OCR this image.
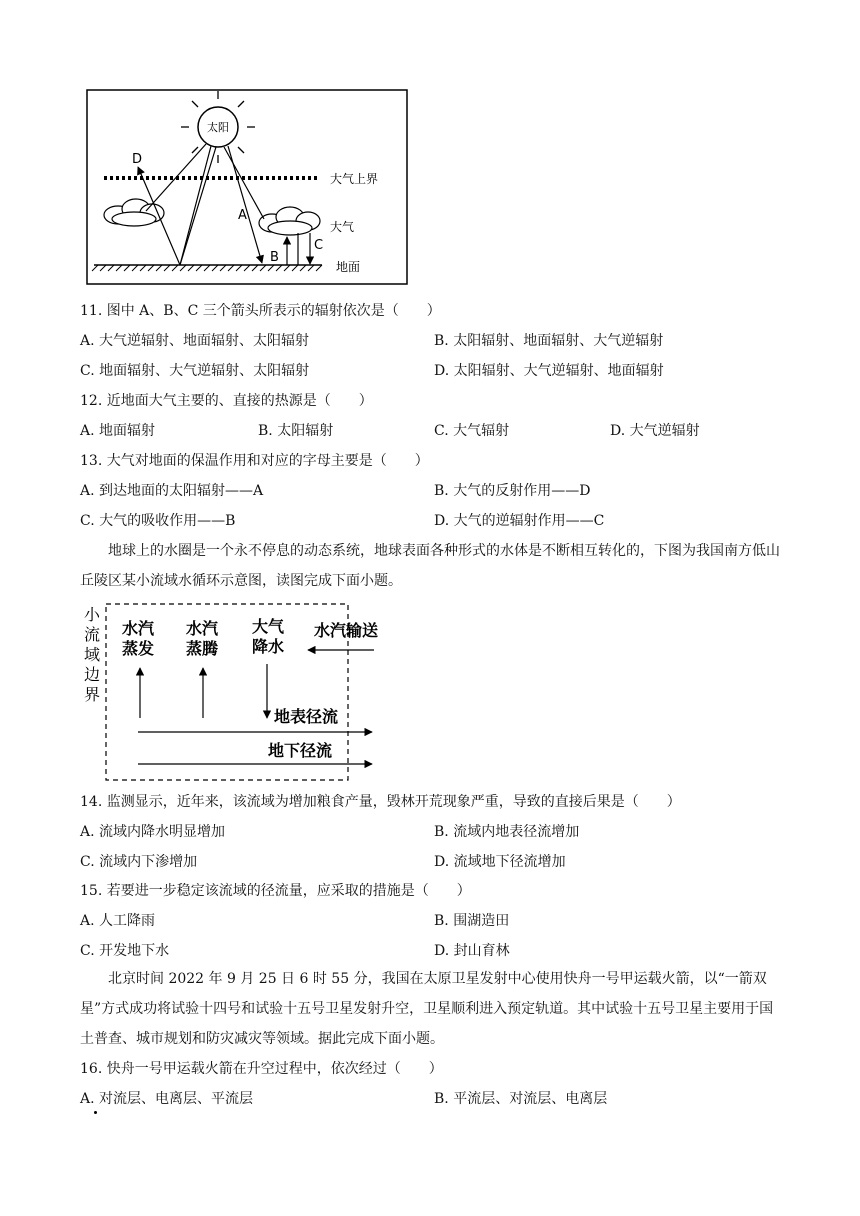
太阳
大气上界
D
A
B
C
大气
地面
11. 图中 A、B、C 三个箭头所表示的辐射依次是（　　）
A. 大气逆辐射、地面辐射、太阳辐射	B. 太阳辐射、地面辐射、大气逆辐射
C. 地面辐射、大气逆辐射、太阳辐射	D. 太阳辐射、大气逆辐射、地面辐射
12. 近地面大气主要的、直接的热源是（　　）
A. 地面辐射	B. 太阳辐射	C. 大气辐射	D. 大气逆辐射
13. 大气对地面的保温作用和对应的字母主要是（　　）
A. 到达地面的太阳辐射——A	B. 大气的反射作用——D
C. 大气的吸收作用——B	D. 大气的逆辐射作用——C
地球上的水圈是一个永不停息的动态系统，地球表面各种形式的水体是不断相互转化的，下图为我国南方低山丘陵区某小流域水循环示意图，读图完成下面小题。
小
流
域
边
界
水汽
蒸发
水汽
蒸腾
大气
降水
水汽输送
地表径流
地下径流
14. 监测显示，近年来，该流域为增加粮食产量，毁林开荒现象严重，导致的直接后果是（　　）
A. 流域内降水明显增加	B. 流域内地表径流增加
C. 流域内下渗增加	D. 流域地下径流增加
15. 若要进一步稳定该流域的径流量，应采取的措施是（　　）
A. 人工降雨	B. 围湖造田
C. 开发地下水	D. 封山育林
北京时间 2022 年 9 月 25 日 6 时 55 分，我国在太原卫星发射中心使用快舟一号甲运载火箭，以“一箭双星”方式成功将试验十四号和试验十五号卫星发射升空，卫星顺利进入预定轨道。其中试验十五号卫星主要用于国土普查、城市规划和防灾减灾等领域。据此完成下面小题。
16. 快舟一号甲运载火箭在升空过程中，依次经过（　　）
A. 对流层、电离层、平流层	B. 平流层、对流层、电离层
